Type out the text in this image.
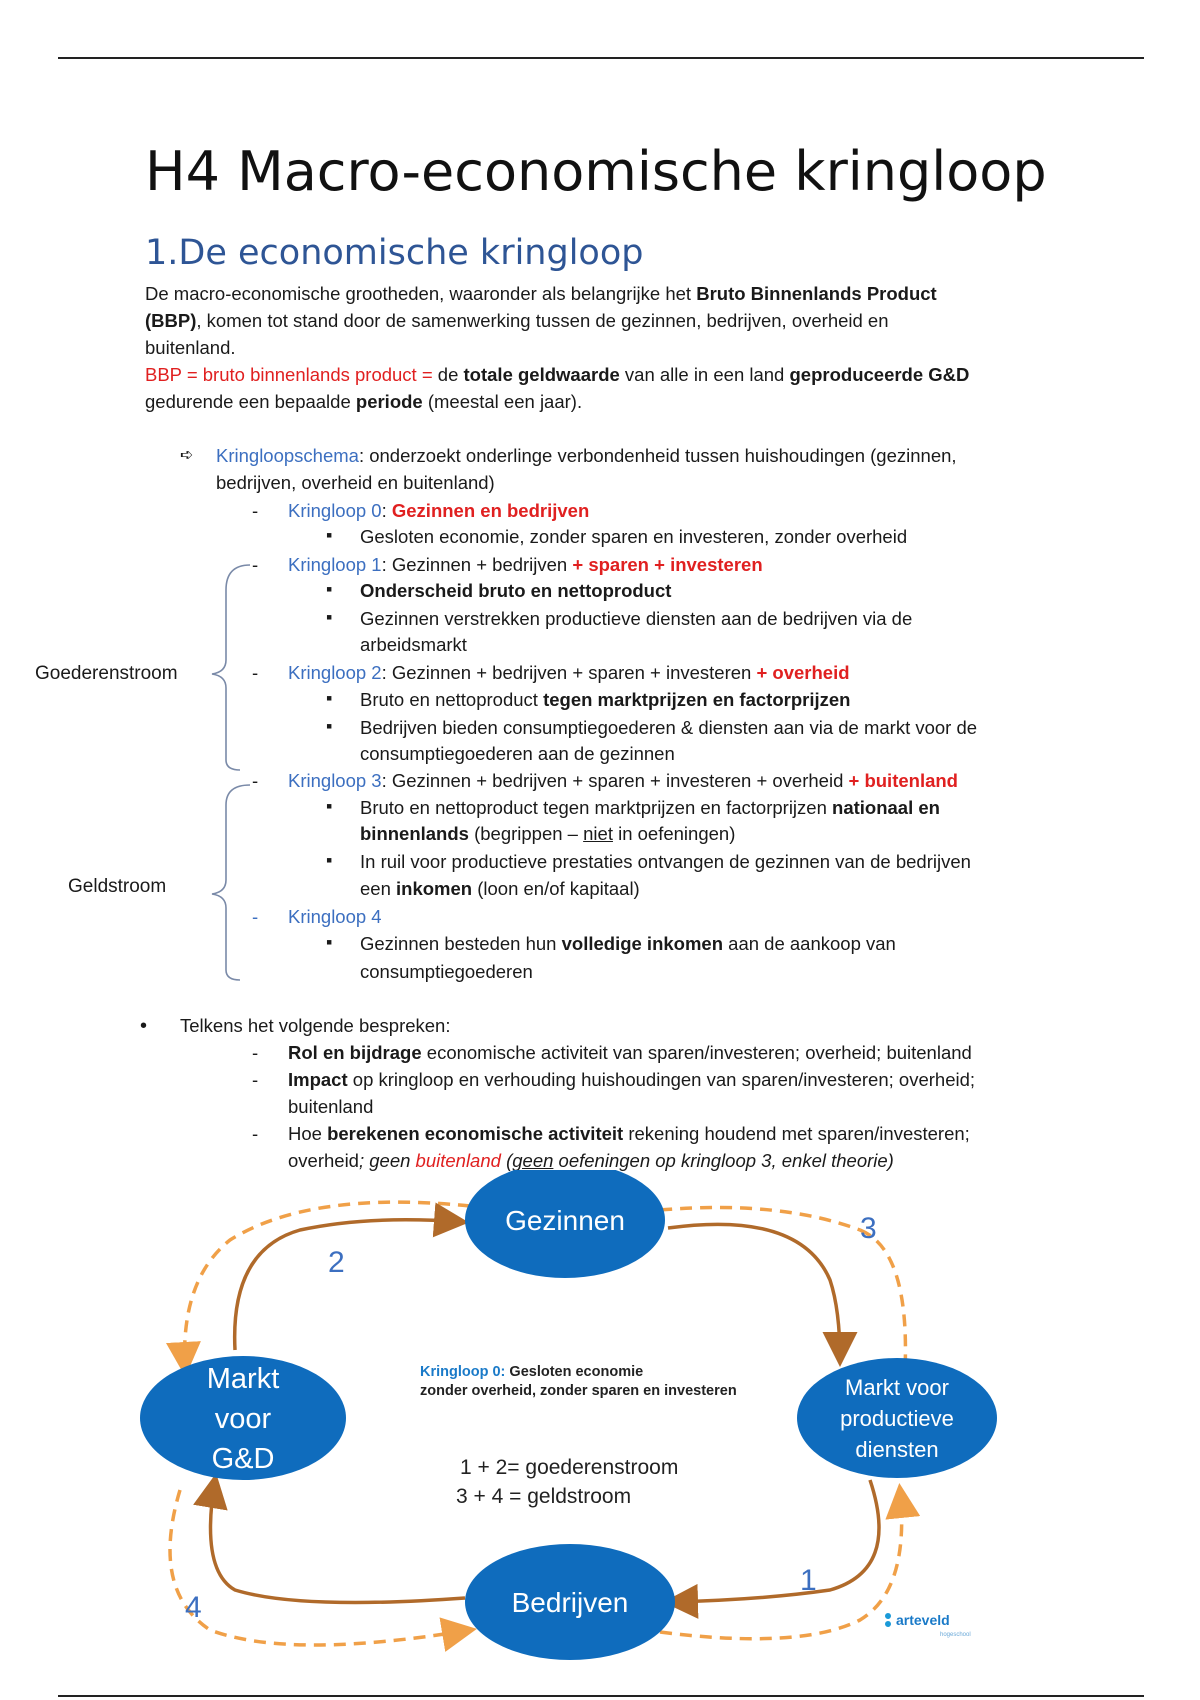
H4 Macro-economische kringloop
1.De economische kringloop
De macro-economische grootheden, waaronder als belangrijke het Bruto Binnenlands Product
(BBP), komen tot stand door de samenwerking tussen de gezinnen, bedrijven, overheid en
buitenland.
BBP = bruto binnenlands product = de totale geldwaarde van alle in een land geproduceerde G&D
gedurende een bepaalde periode (meestal een jaar).
➪ Kringloopschema: onderzoekt onderlinge verbondenheid tussen huishoudingen (gezinnen,
bedrijven, overheid en buitenland)
- Kringloop 0: Gezinnen en bedrijven
▪ Gesloten economie, zonder sparen en investeren, zonder overheid
- Kringloop 1: Gezinnen + bedrijven + sparen + investeren
▪ Onderscheid bruto en nettoproduct
▪ Gezinnen verstrekken productieve diensten aan de bedrijven via de
arbeidsmarkt
- Kringloop 2: Gezinnen + bedrijven + sparen + investeren + overheid
▪ Bruto en nettoproduct tegen marktprijzen en factorprijzen
▪ Bedrijven bieden consumptiegoederen & diensten aan via de markt voor de
consumptiegoederen aan de gezinnen
- Kringloop 3: Gezinnen + bedrijven + sparen + investeren + overheid + buitenland
▪ Bruto en nettoproduct tegen marktprijzen en factorprijzen nationaal en
binnenlands (begrippen – niet in oefeningen)
▪ In ruil voor productieve prestaties ontvangen de gezinnen van de bedrijven
een inkomen (loon en/of kapitaal)
- Kringloop 4
▪ Gezinnen besteden hun volledige inkomen aan de aankoop van
consumptiegoederen
Goederenstroom
Geldstroom
• Telkens het volgende bespreken:
- Rol en bijdrage economische activiteit van sparen/investeren; overheid; buitenland
- Impact op kringloop en verhouding huishoudingen van sparen/investeren; overheid;
buitenland
- Hoe berekenen economische activiteit rekening houdend met sparen/investeren;
overheid; geen buitenland (geen oefeningen op kringloop 3, enkel theorie)
Gezinnen
Bedrijven
Markt
voor
G&D
Markt voor
productieve
diensten
2
3
1
4
Kringloop 0: Gesloten economie
zonder overheid, zonder sparen en investeren
1 + 2= goederenstroom
3 + 4 = geldstroom
arteveld
hogeschool
